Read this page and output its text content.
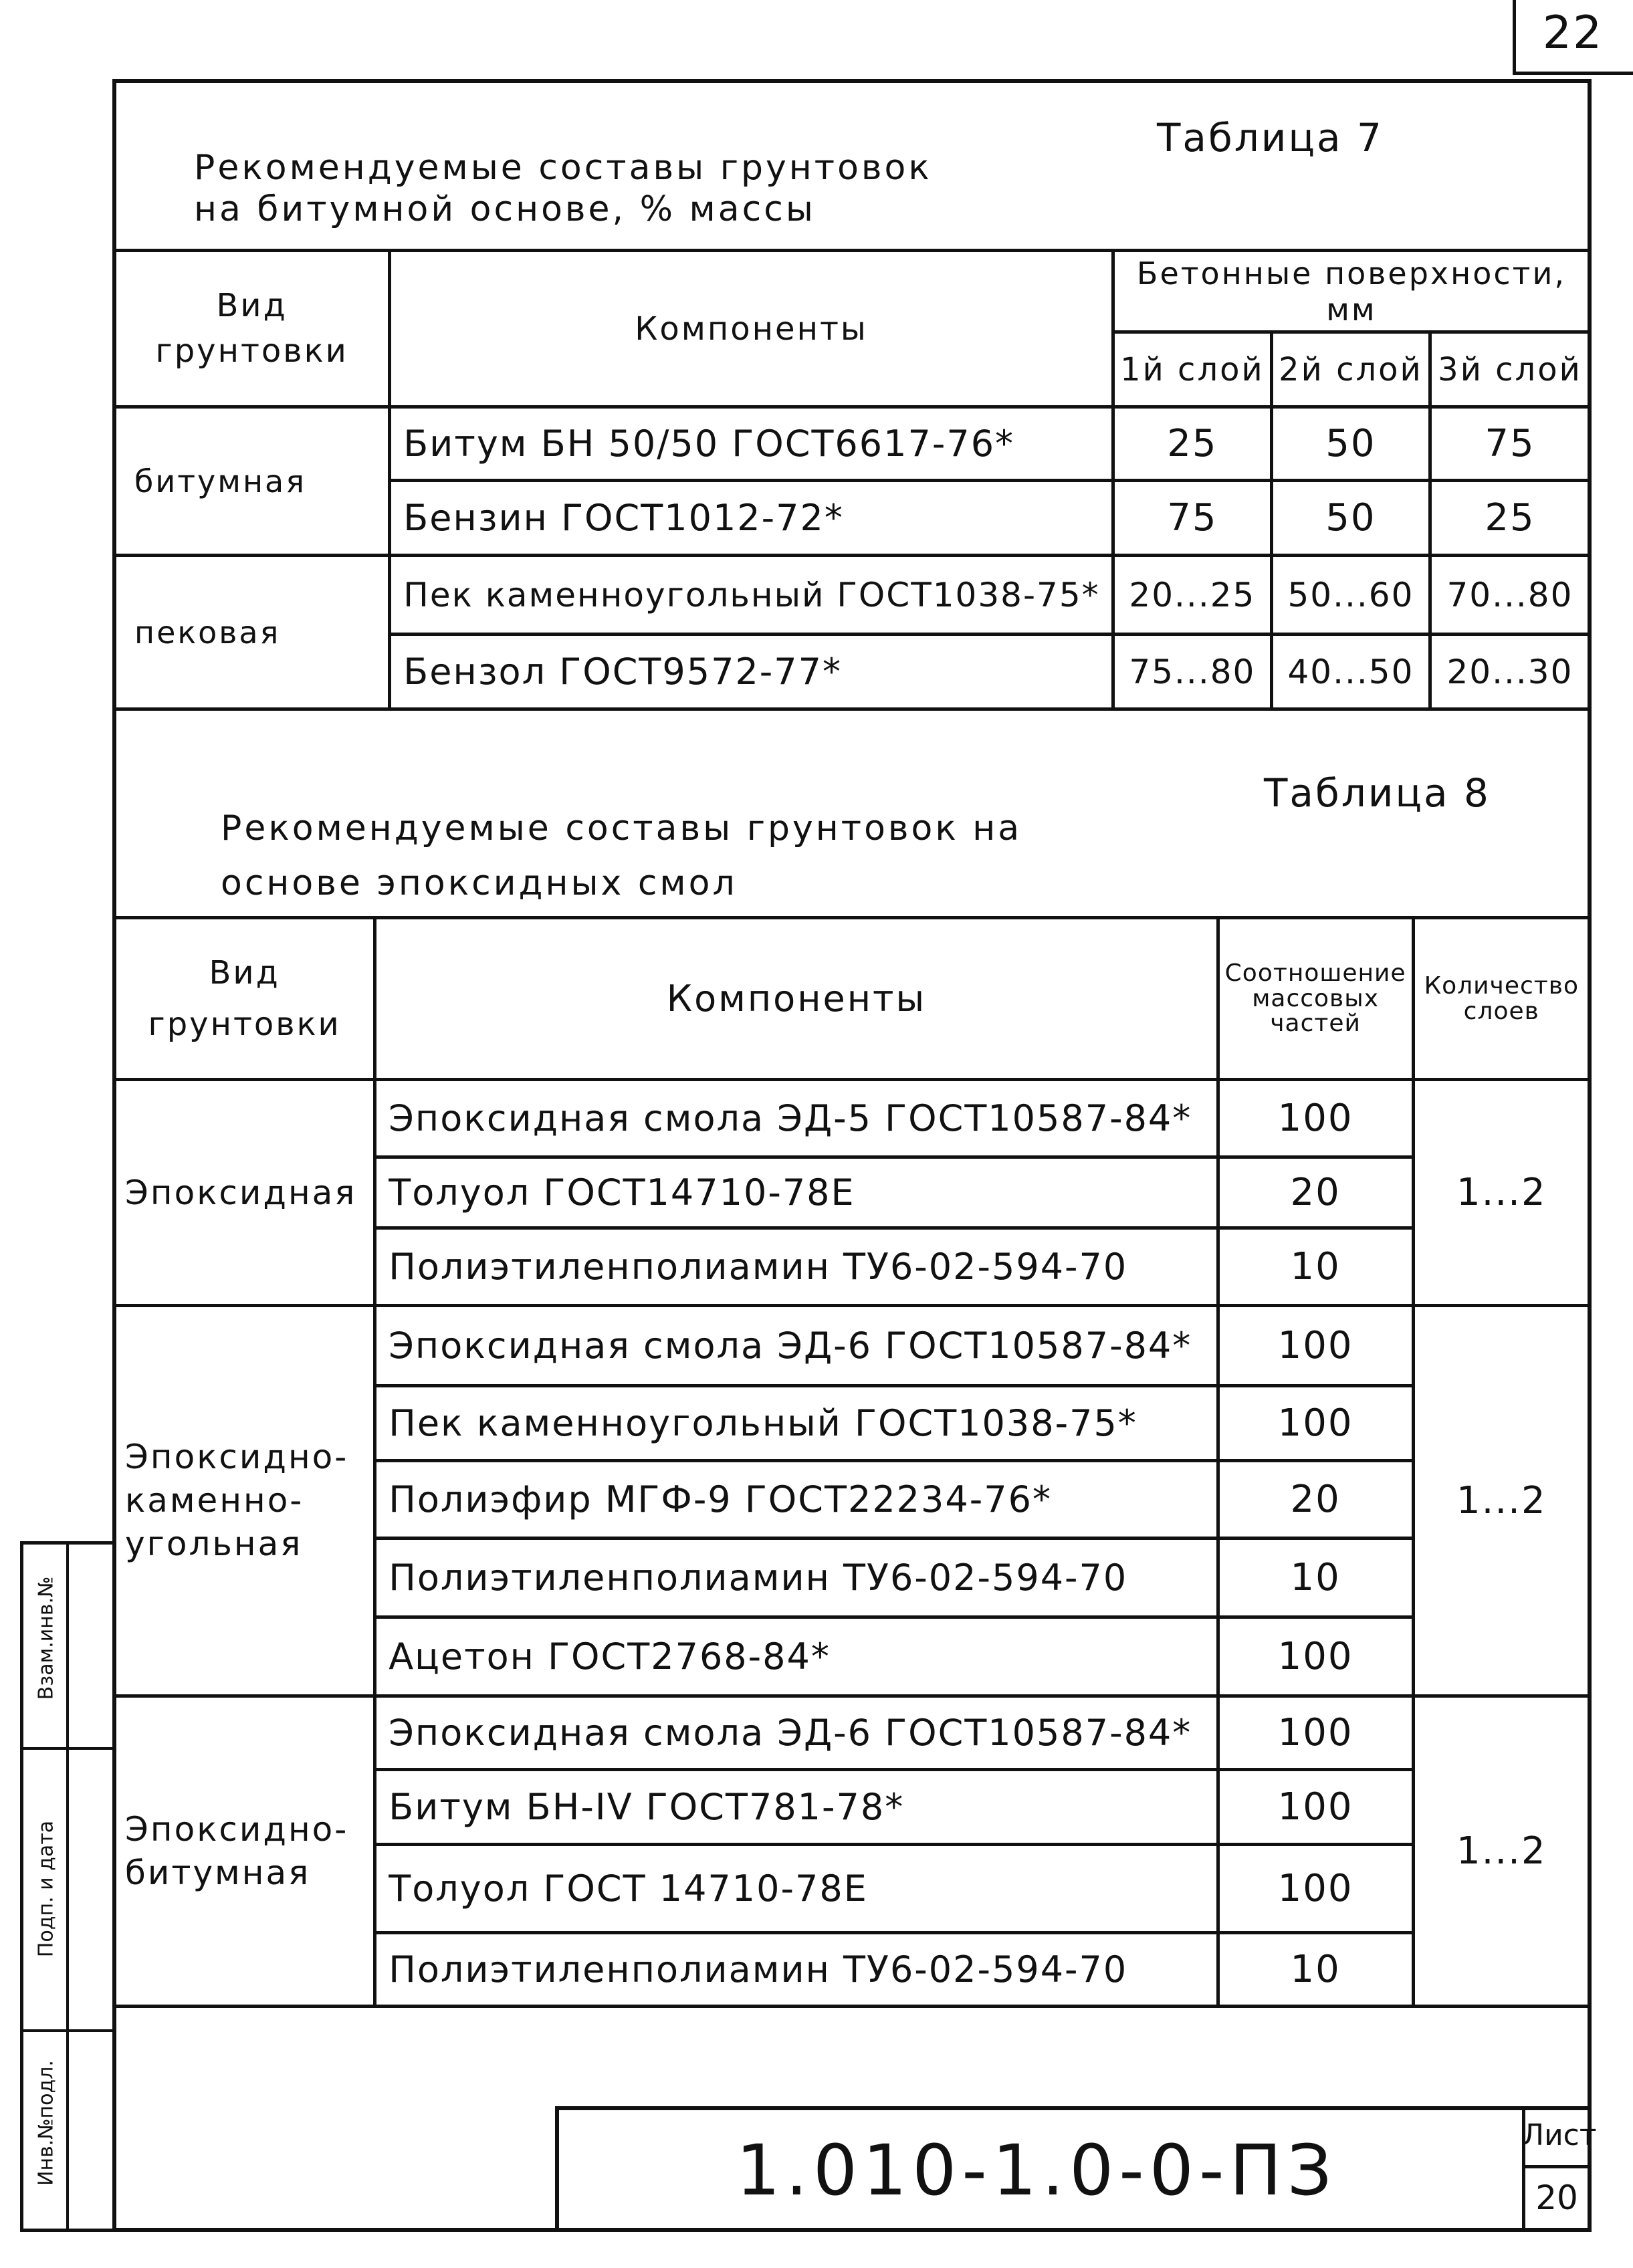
22
Рекомендуемые составы грунтовок
на битумной основе, % массы
Таблица 7
Вид грунтовки	Компоненты	Бетонные поверхности, мм		
		1й слой	2й слой	3й слой
битумная	Битум БН 50/50 ГОСТ6617-76*	25	50	75
	Бензин ГОСТ1012-72*	75	50	25
пековая	Пек каменноугольный ГОСТ1038-75*	20...25	50...60	70...80
	Бензол ГОСТ9572-77*	75...80	40...50	20...30
Рекомендуемые составы грунтовок на
основе эпоксидных смол
Таблица 8
Вид грунтовки	Компоненты	Соотношение массовых частей	Количество слоев

Эпоксидная	Эпоксидная смола ЭД-5 ГОСТ10587-84*	100	1...2
	Толуол ГОСТ14710-78Е	20	
	Полиэтиленполиамин ТУ6-02-594-70	10	

Эпоксидно-каменно-угольная	Эпоксидная смола ЭД-6 ГОСТ10587-84*	100	1...2
	Пек каменноугольный ГОСТ1038-75*	100	
	Полиэфир МГФ-9 ГОСТ22234-76*	20	
	Полиэтиленполиамин ТУ6-02-594-70	10	
	Ацетон ГОСТ2768-84*	100	

Эпоксидно-битумная	Эпоксидная смола ЭД-6 ГОСТ10587-84*	100	1...2
	Битум БН-IV ГОСТ781-78*	100	
	Толуол ГОСТ 14710-78Е	100	
	Полиэтиленполиамин ТУ6-02-594-70	10	
Инв.№подл.
Подп. и дата
Взам.инв.№
1.010-1.0-0-ПЗ	Лист
20
